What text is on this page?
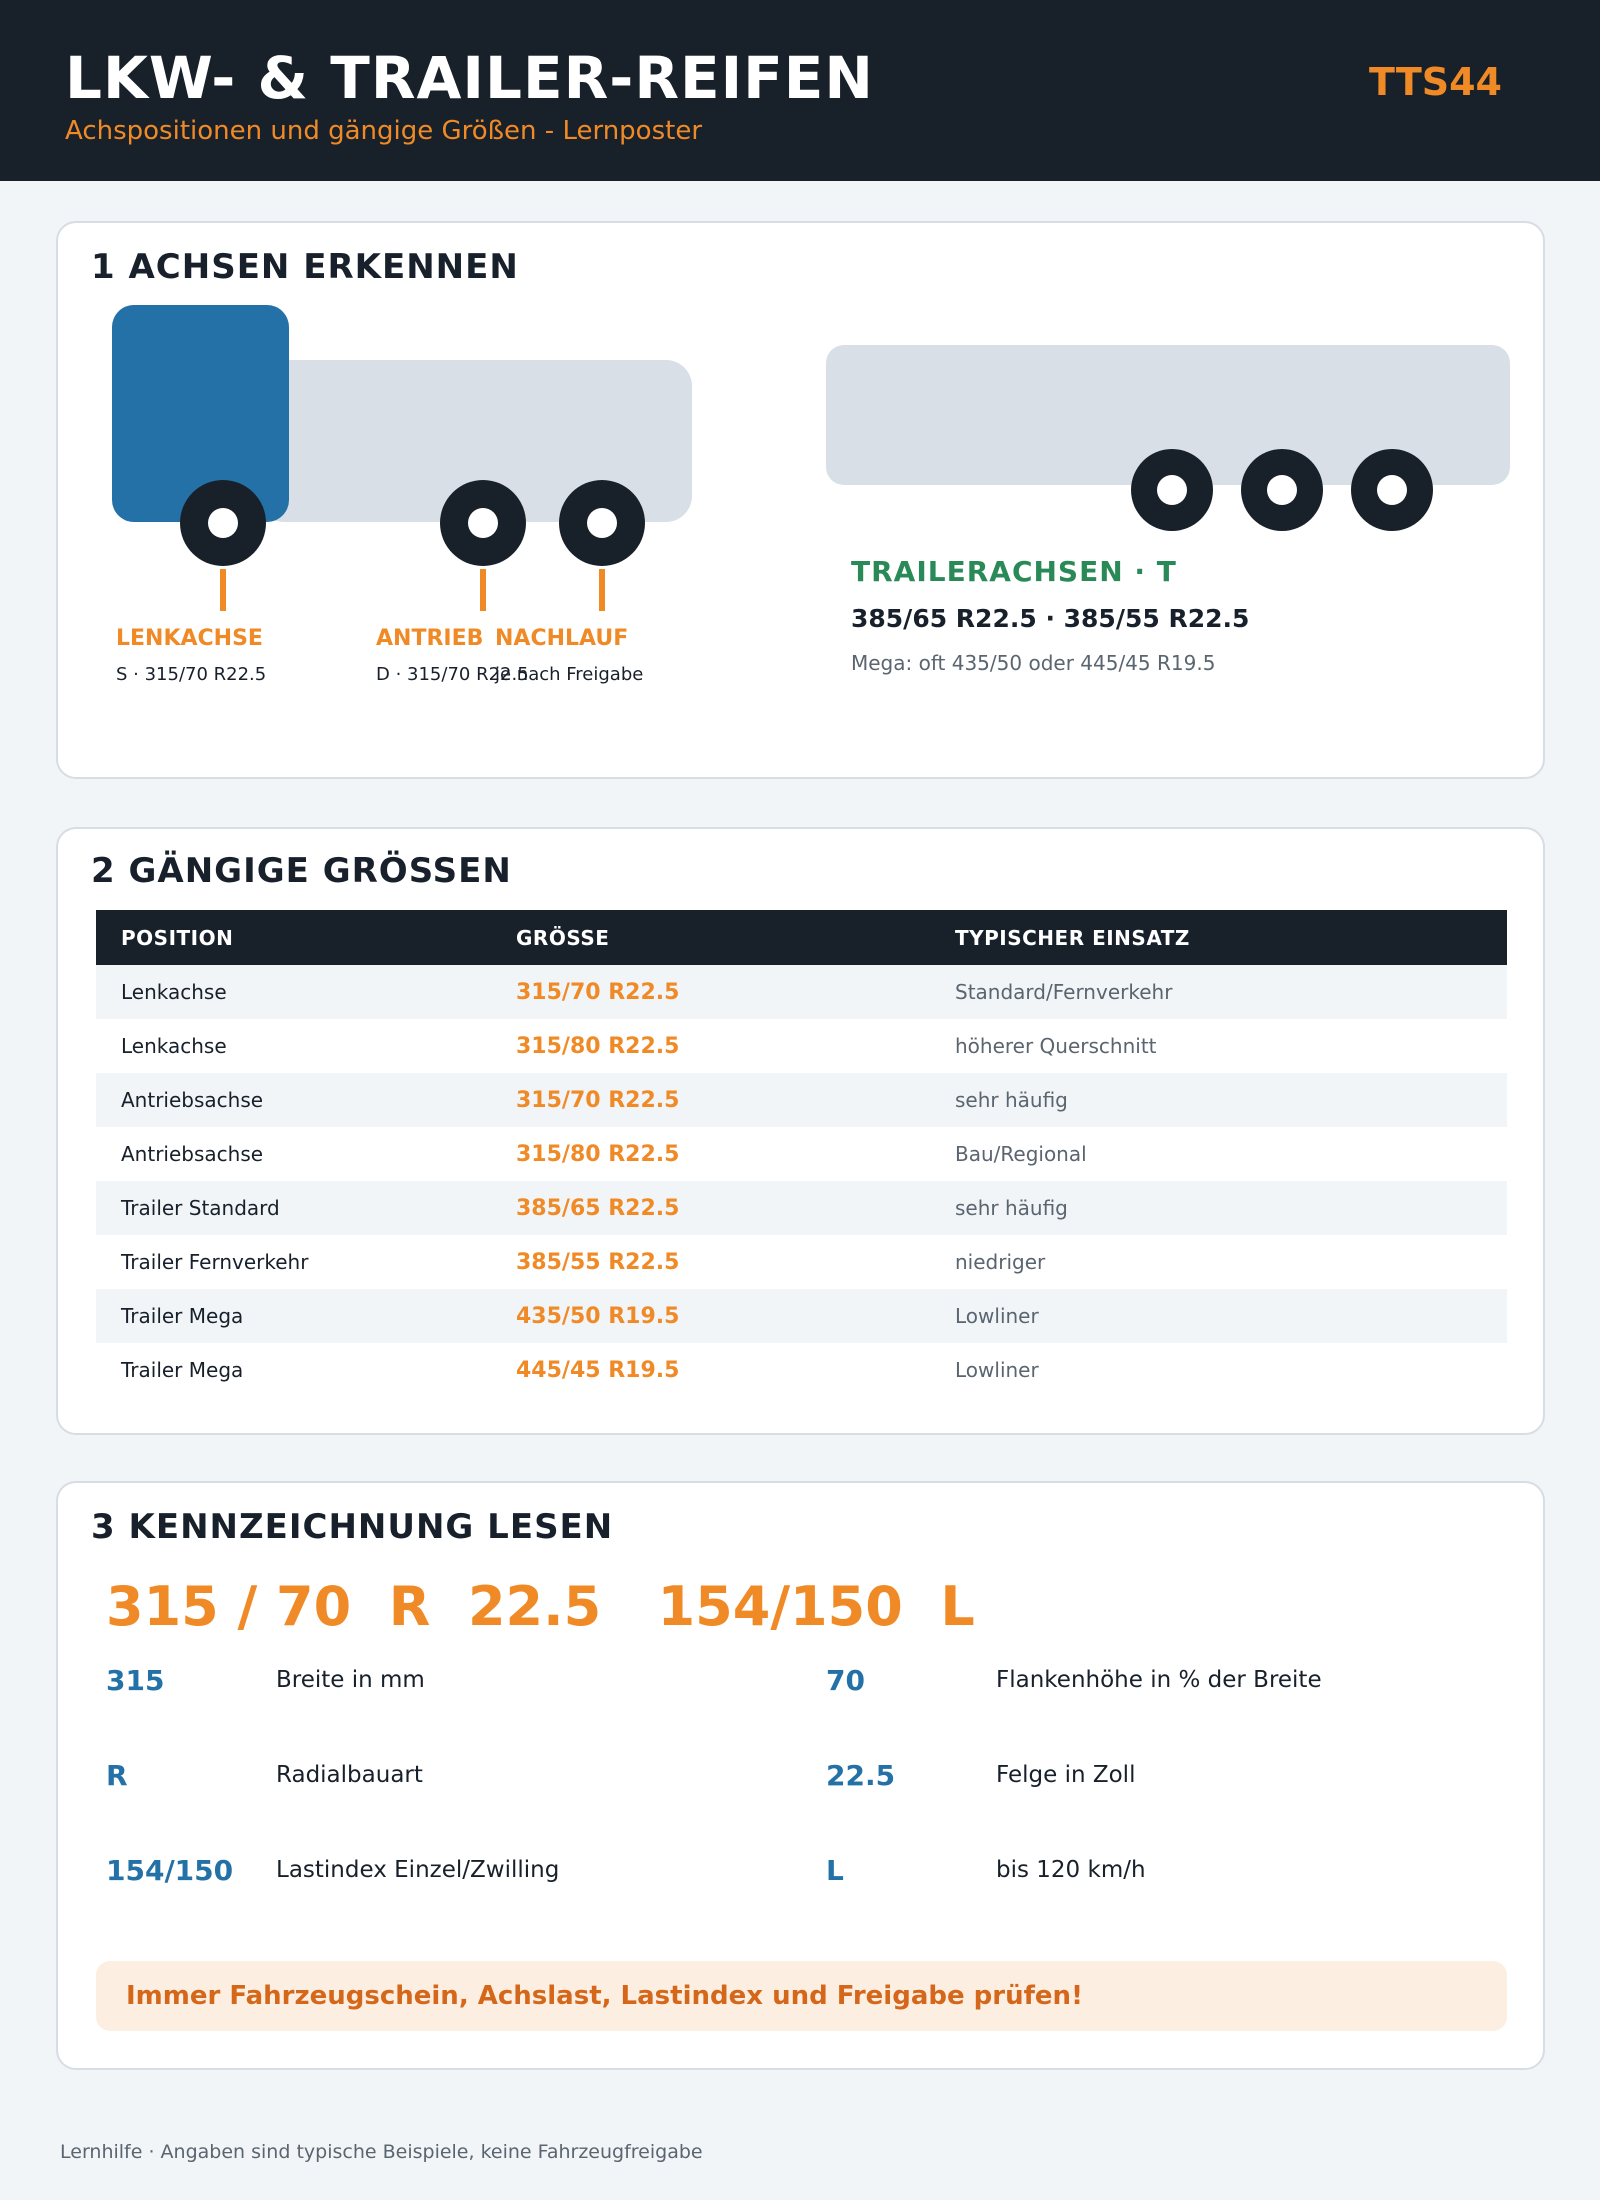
LKW- & TRAILER-REIFEN
Achspositionen und gängige Größen - Lernposter
TTS44
1 ACHSEN ERKENNEN
LENKACHSE
S · 315/70 R22.5
ANTRIEB
D · 315/70 R22.5
NACHLAUF
je nach Freigabe
TRAILERACHSEN · T
385/65 R22.5 · 385/55 R22.5
Mega: oft 435/50 oder 445/45 R19.5
2 GÄNGIGE GRÖSSEN
POSITION	GRÖSSE	TYPISCHER EINSATZ
Lenkachse	315/70 R22.5	Standard/Fernverkehr
Lenkachse	315/80 R22.5	höherer Querschnitt
Antriebsachse	315/70 R22.5	sehr häufig
Antriebsachse	315/80 R22.5	Bau/Regional
Trailer Standard	385/65 R22.5	sehr häufig
Trailer Fernverkehr	385/55 R22.5	niedriger
Trailer Mega	435/50 R19.5	Lowliner
Trailer Mega	445/45 R19.5	Lowliner
3 KENNZEICHNUNG LESEN
315 / 70  R  22.5   154/150  L
315	Breite in mm	70	Flankenhöhe in % der Breite
R	Radialbauart	22.5	Felge in Zoll
154/150 Lastindex Einzel/Zwilling	L	bis 120 km/h
Immer Fahrzeugschein, Achslast, Lastindex und Freigabe prüfen!
Lernhilfe · Angaben sind typische Beispiele, keine Fahrzeugfreigabe
